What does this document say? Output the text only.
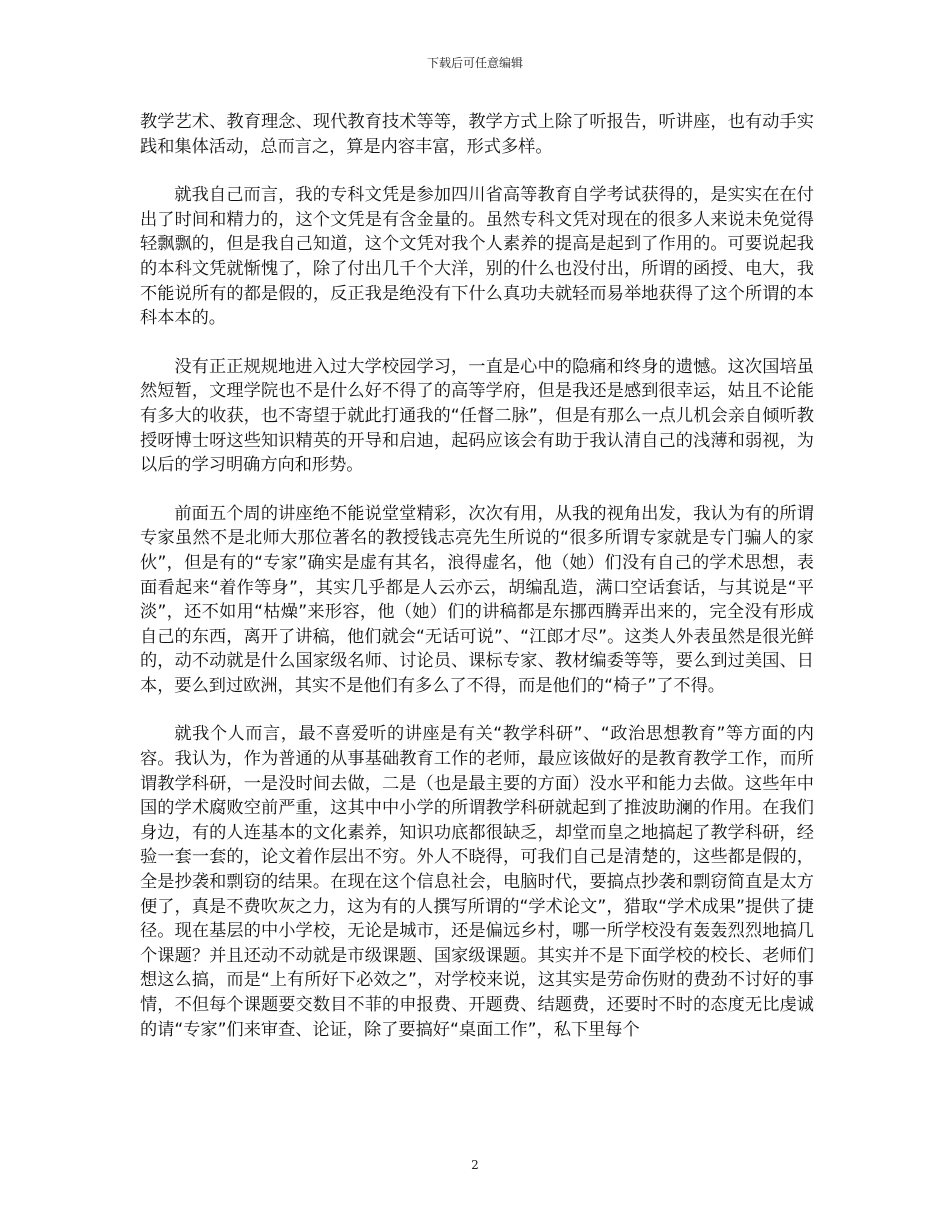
下载后可任意编辑

教学艺术、教育理念、现代教育技术等等，教学方式上除了听报告，听讲座，也有动手实践和集体活动，总而言之，算是内容丰富，形式多样。

就我自己而言，我的专科文凭是参加四川省高等教育自学考试获得的，是实实在在付出了时间和精力的，这个文凭是有含金量的。虽然专科文凭对现在的很多人来说未免觉得轻飘飘的，但是我自己知道，这个文凭对我个人素养的提高是起到了作用的。可要说起我的本科文凭就惭愧了，除了付出几千个大洋，别的什么也没付出，所谓的函授、电大，我不能说所有的都是假的，反正我是绝没有下什么真功夫就轻而易举地获得了这个所谓的本科本本的。

没有正正规规地进入过大学校园学习，一直是心中的隐痛和终身的遗憾。这次国培虽然短暂，文理学院也不是什么好不得了的高等学府，但是我还是感到很幸运，姑且不论能有多大的收获，也不寄望于就此打通我的“任督二脉”，但是有那么一点儿机会亲自倾听教授呀博士呀这些知识精英的开导和启迪，起码应该会有助于我认清自己的浅薄和弱视，为以后的学习明确方向和形势。

前面五个周的讲座绝不能说堂堂精彩，次次有用，从我的视角出发，我认为有的所谓专家虽然不是北师大那位著名的教授钱志亮先生所说的“很多所谓专家就是专门骗人的家伙”，但是有的“专家”确实是虚有其名，浪得虚名，他（她）们没有自己的学术思想，表面看起来“着作等身”，其实几乎都是人云亦云，胡编乱造，满口空话套话，与其说是“平淡”，还不如用“枯燥”来形容，他（她）们的讲稿都是东挪西腾弄出来的，完全没有形成自己的东西，离开了讲稿，他们就会“无话可说”、“江郎才尽”。这类人外表虽然是很光鲜的，动不动就是什么国家级名师、讨论员、课标专家、教材编委等等，要么到过美国、日本，要么到过欧洲，其实不是他们有多么了不得，而是他们的“椅子”了不得。

就我个人而言，最不喜爱听的讲座是有关“教学科研”、“政治思想教育”等方面的内容。我认为，作为普通的从事基础教育工作的老师，最应该做好的是教育教学工作，而所谓教学科研，一是没时间去做，二是（也是最主要的方面）没水平和能力去做。这些年中国的学术腐败空前严重，这其中中小学的所谓教学科研就起到了推波助澜的作用。在我们身边，有的人连基本的文化素养，知识功底都很缺乏，却堂而皇之地搞起了教学科研，经验一套一套的，论文着作层出不穷。外人不晓得，可我们自己是清楚的，这些都是假的，全是抄袭和剽窃的结果。在现在这个信息社会，电脑时代，要搞点抄袭和剽窃简直是太方便了，真是不费吹灰之力，这为有的人撰写所谓的“学术论文”，猎取“学术成果”提供了捷径。现在基层的中小学校，无论是城市，还是偏远乡村，哪一所学校没有轰轰烈烈地搞几个课题？并且还动不动就是市级课题、国家级课题。其实并不是下面学校的校长、老师们想这么搞，而是“上有所好下必效之”，对学校来说，这其实是劳命伤财的费劲不讨好的事情，不但每个课题要交数目不菲的申报费、开题费、结题费，还要时不时的态度无比虔诚的请“专家”们来审查、论证，除了要搞好“桌面工作”，私下里每个

2
